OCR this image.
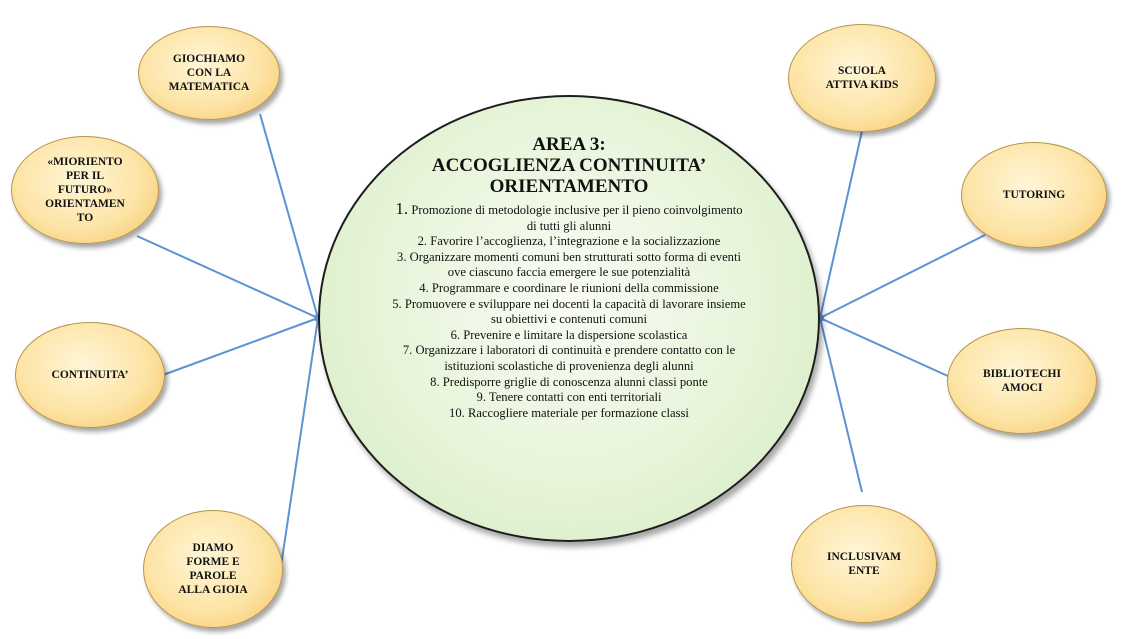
AREA 3:
ACCOGLIENZA CONTINUITA’
ORIENTAMENTO
1. Promozione di metodologie inclusive per il pieno coinvolgimento di tutti gli alunni
2. Favorire l’accoglienza, l’integrazione e la socializzazione
3. Organizzare momenti comuni ben strutturati sotto forma di eventi ove ciascuno faccia emergere le sue potenzialità
4. Programmare e coordinare le riunioni della commissione
5. Promuovere e sviluppare nei docenti la capacità di lavorare insieme su obiettivi e contenuti comuni
6. Prevenire e limitare la dispersione scolastica
7. Organizzare i laboratori di continuità e prendere contatto con le istituzioni scolastiche di provenienza degli alunni
8. Predisporre griglie di conoscenza alunni classi ponte
9. Tenere contatti con enti territoriali
10. Raccogliere materiale per formazione classi
GIOCHIAMO
CON LA
MATEMATICA
«MIORIENTO
PER IL
FUTURO»
ORIENTAMEN
TO
CONTINUITA’
DIAMO
FORME E
PAROLE
ALLA GIOIA
SCUOLA
ATTIVA KIDS
TUTORING
BIBLIOTECHI
AMOCI
INCLUSIVAM
ENTE
